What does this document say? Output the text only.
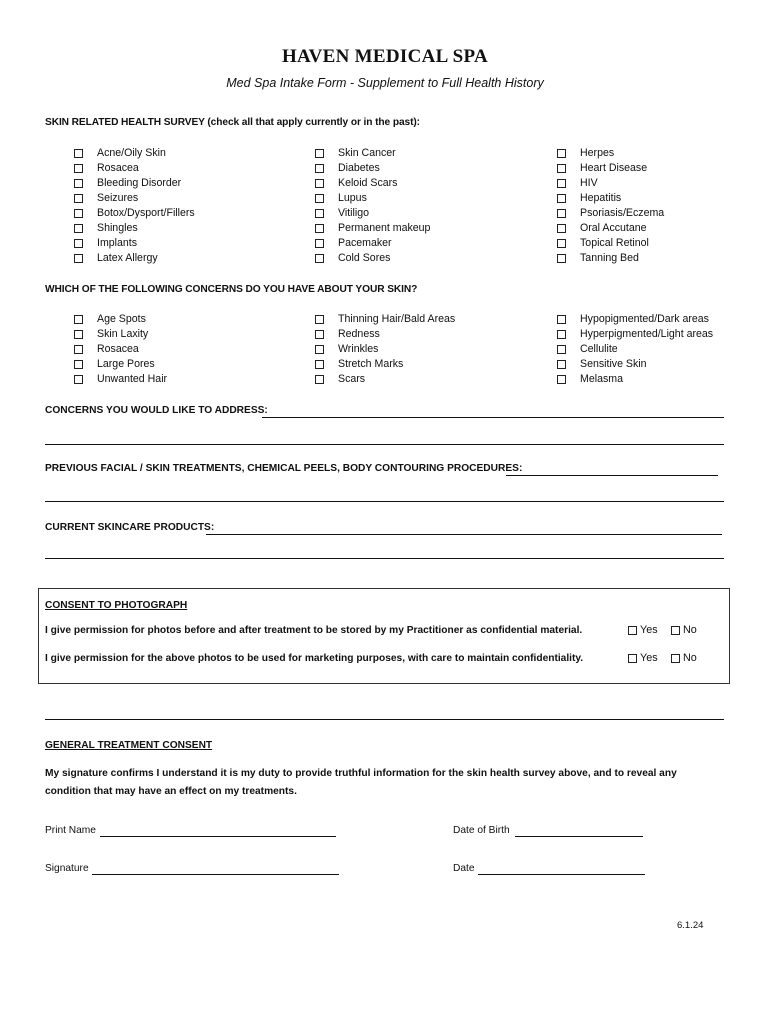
HAVEN MEDICAL SPA
Med Spa Intake Form - Supplement to Full Health History
SKIN RELATED HEALTH SURVEY (check all that apply currently or in the past):
Acne/Oily Skin
Rosacea
Bleeding Disorder
Seizures
Botox/Dysport/Fillers
Shingles
Implants
Latex Allergy
Skin Cancer
Diabetes
Keloid Scars
Lupus
Vitiligo
Permanent makeup
Pacemaker
Cold Sores
Herpes
Heart Disease
HIV
Hepatitis
Psoriasis/Eczema
Oral Accutane
Topical Retinol
Tanning Bed
WHICH OF THE FOLLOWING CONCERNS DO YOU HAVE ABOUT YOUR SKIN?
Age Spots
Skin Laxity
Rosacea
Large Pores
Unwanted Hair
Thinning Hair/Bald Areas
Redness
Wrinkles
Stretch Marks
Scars
Hypopigmented/Dark areas
Hyperpigmented/Light areas
Cellulite
Sensitive Skin
Melasma
CONCERNS YOU WOULD LIKE TO ADDRESS:
PREVIOUS FACIAL / SKIN TREATMENTS, CHEMICAL PEELS, BODY CONTOURING PROCEDURES:
CURRENT SKINCARE PRODUCTS:
CONSENT TO PHOTOGRAPH
I give permission for photos before and after treatment to be stored by my Practitioner as confidential material.	Yes No
I give permission for the above photos to be used for marketing purposes, with care to maintain confidentiality.	Yes No
GENERAL TREATMENT CONSENT
My signature confirms I understand it is my duty to provide truthful information for the skin health survey above, and to reveal any
condition that may have an effect on my treatments.
Print Name	Date of Birth
Signature	Date
6.1.24
